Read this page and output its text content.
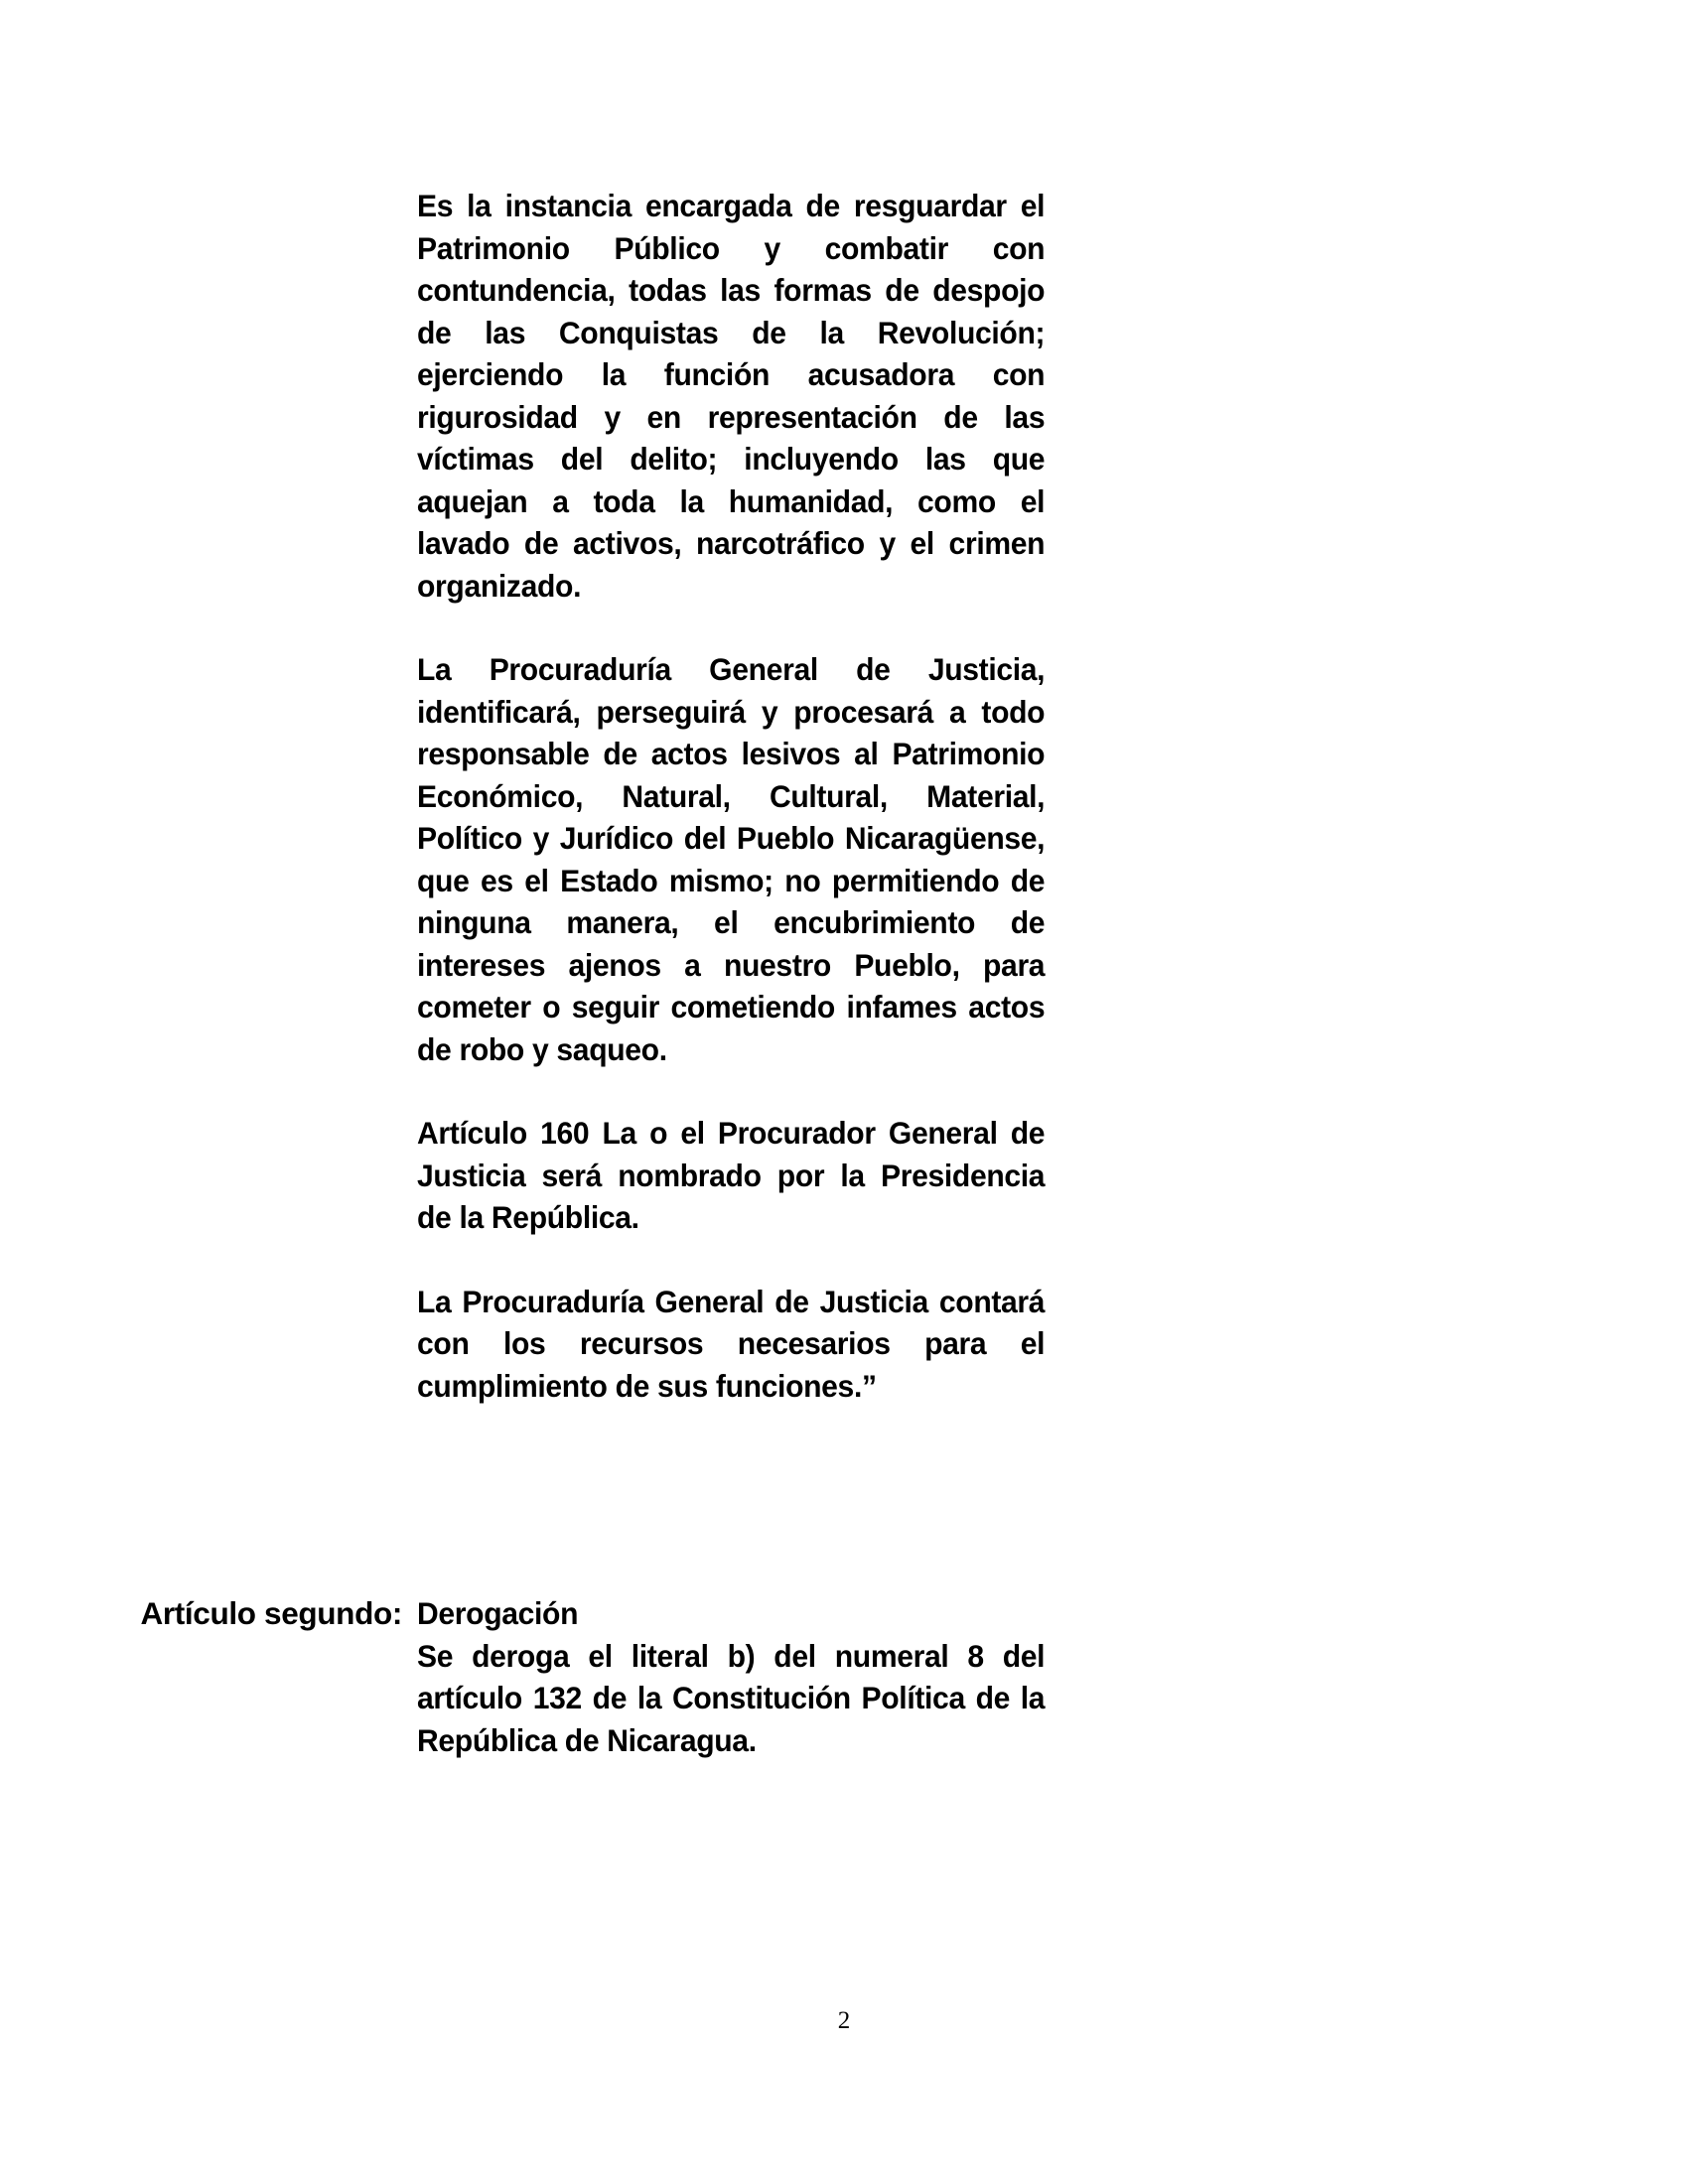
Es la instancia encargada de resguardar el Patrimonio Público y combatir con contundencia, todas las formas de despojo de las Conquistas de la Revolución; ejerciendo la función acusadora con rigurosidad y en representación de las víctimas del delito; incluyendo las que aquejan a toda la humanidad, como el lavado de activos, narcotráfico y el crimen organizado.

La Procuraduría General de Justicia, identificará, perseguirá y procesará a todo responsable de actos lesivos al Patrimonio Económico, Natural, Cultural, Material, Político y Jurídico del Pueblo Nicaragüense, que es el Estado mismo; no permitiendo de ninguna manera, el encubrimiento de intereses ajenos a nuestro Pueblo, para cometer o seguir cometiendo infames actos de robo y saqueo.

Artículo 160 La o el Procurador General de Justicia será nombrado por la Presidencia de la República.

La Procuraduría General de Justicia contará con los recursos necesarios para el cumplimiento de sus funciones.”

Artículo segundo: Derogación

Se deroga el literal b) del numeral 8 del artículo 132 de la Constitución Política de la República de Nicaragua.

2
